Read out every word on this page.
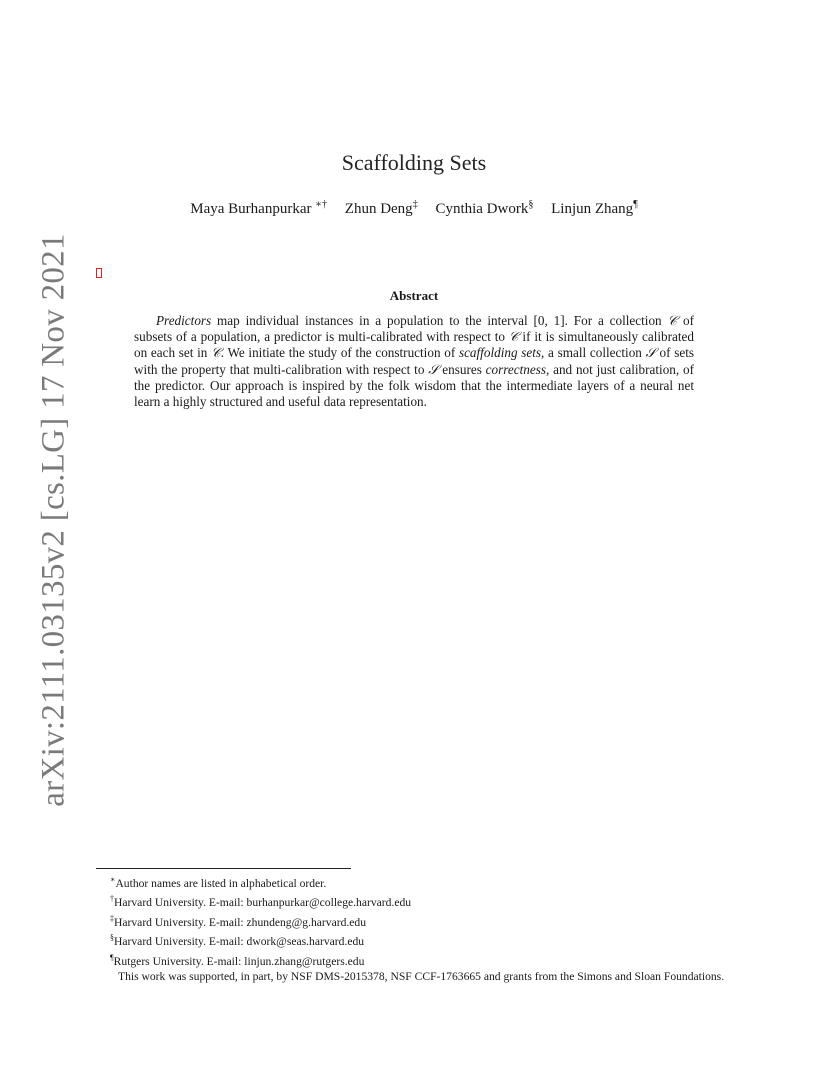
arXiv:2111.03135v2 [cs.LG] 17 Nov 2021
Scaffolding Sets
Maya Burhanpurkar ∗† Zhun Deng‡ Cynthia Dwork§ Linjun Zhang¶
Abstract

Predictors map individual instances in a population to the interval [0, 1]. For a collection 𝒞 of subsets of a population, a predictor is multi-calibrated with respect to 𝒞 if it is simultaneously calibrated on each set in 𝒞. We initiate the study of the construction of scaffolding sets, a small collection 𝒮 of sets with the property that multi-calibration with respect to 𝒮 ensures correctness, and not just calibration, of the predictor. Our approach is inspired by the folk wisdom that the intermediate layers of a neural net learn a highly structured and useful data representation.

∗Author names are listed in alphabetical order.
†Harvard University. E-mail: burhanpurkar@college.harvard.edu
‡Harvard University. E-mail: zhundeng@g.harvard.edu
§Harvard University. E-mail: dwork@seas.harvard.edu
¶Rutgers University. E-mail: linjun.zhang@rutgers.edu
This work was supported, in part, by NSF DMS-2015378, NSF CCF-1763665 and grants from the Simons and Sloan Foundations.
